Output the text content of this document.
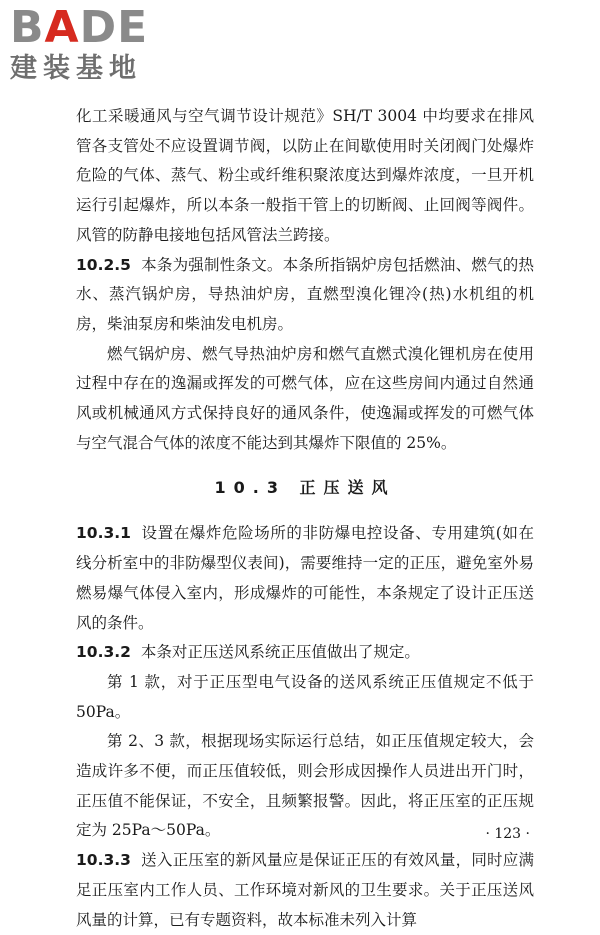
BADE
建装基地

化工采暖通风与空气调节设计规范》SH/T 3004 中均要求在排风管各支管处不应设置调节阀，以防止在间歇使用时关闭阀门处爆炸危险的气体、蒸气、粉尘或纤维积聚浓度达到爆炸浓度，一旦开机运行引起爆炸，所以本条一般指干管上的切断阀、止回阀等阀件。风管的防静电接地包括风管法兰跨接。

10.2.5 本条为强制性条文。本条所指锅炉房包括燃油、燃气的热水、蒸汽锅炉房，导热油炉房，直燃型溴化锂冷(热)水机组的机房，柴油泵房和柴油发电机房。

燃气锅炉房、燃气导热油炉房和燃气直燃式溴化锂机房在使用过程中存在的逸漏或挥发的可燃气体，应在这些房间内通过自然通风或机械通风方式保持良好的通风条件，使逸漏或挥发的可燃气体与空气混合气体的浓度不能达到其爆炸下限值的 25%。

10.3 正压送风

10.3.1 设置在爆炸危险场所的非防爆电控设备、专用建筑(如在线分析室中的非防爆型仪表间)，需要维持一定的正压，避免室外易燃易爆气体侵入室内，形成爆炸的可能性，本条规定了设计正压送风的条件。

10.3.2 本条对正压送风系统正压值做出了规定。

第 1 款，对于正压型电气设备的送风系统正压值规定不低于 50Pa。

第 2、3 款，根据现场实际运行总结，如正压值规定较大，会造成许多不便，而正压值较低，则会形成因操作人员进出开门时，正压值不能保证，不安全，且频繁报警。因此，将正压室的正压规定为 25Pa～50Pa。

10.3.3 送入正压室的新风量应是保证正压的有效风量，同时应满足正压室内工作人员、工作环境对新风的卫生要求。关于正压送风风量的计算，已有专题资料，故本标准未列入计算

· 123 ·
